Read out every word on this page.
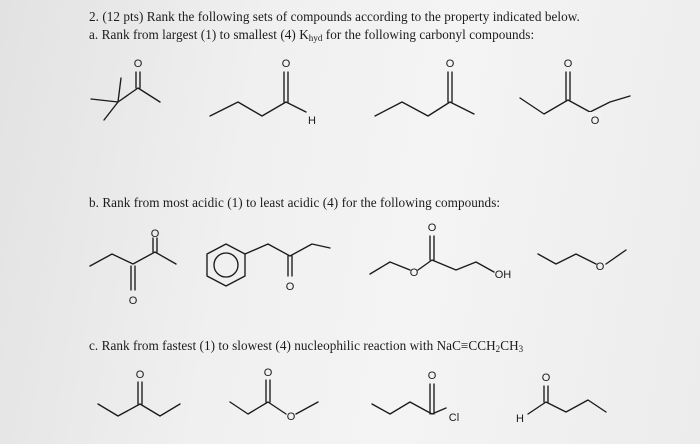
2. (12 pts) Rank the following sets of compounds according to the property indicated below.
a. Rank from largest (1) to smallest (4) $K_{hyd}$ for the following carbonyl compounds:
b. Rank from most acidic (1) to least acidic (4) for the following compounds:
c. Rank from fastest (1) to slowest (4) nucleophilic reaction with $NaC\equiv CCH_2CH_3$
O	O
H
O	O
O
O
O
O
O
O
OH
O
O	O
O
O
Cl
O
H
